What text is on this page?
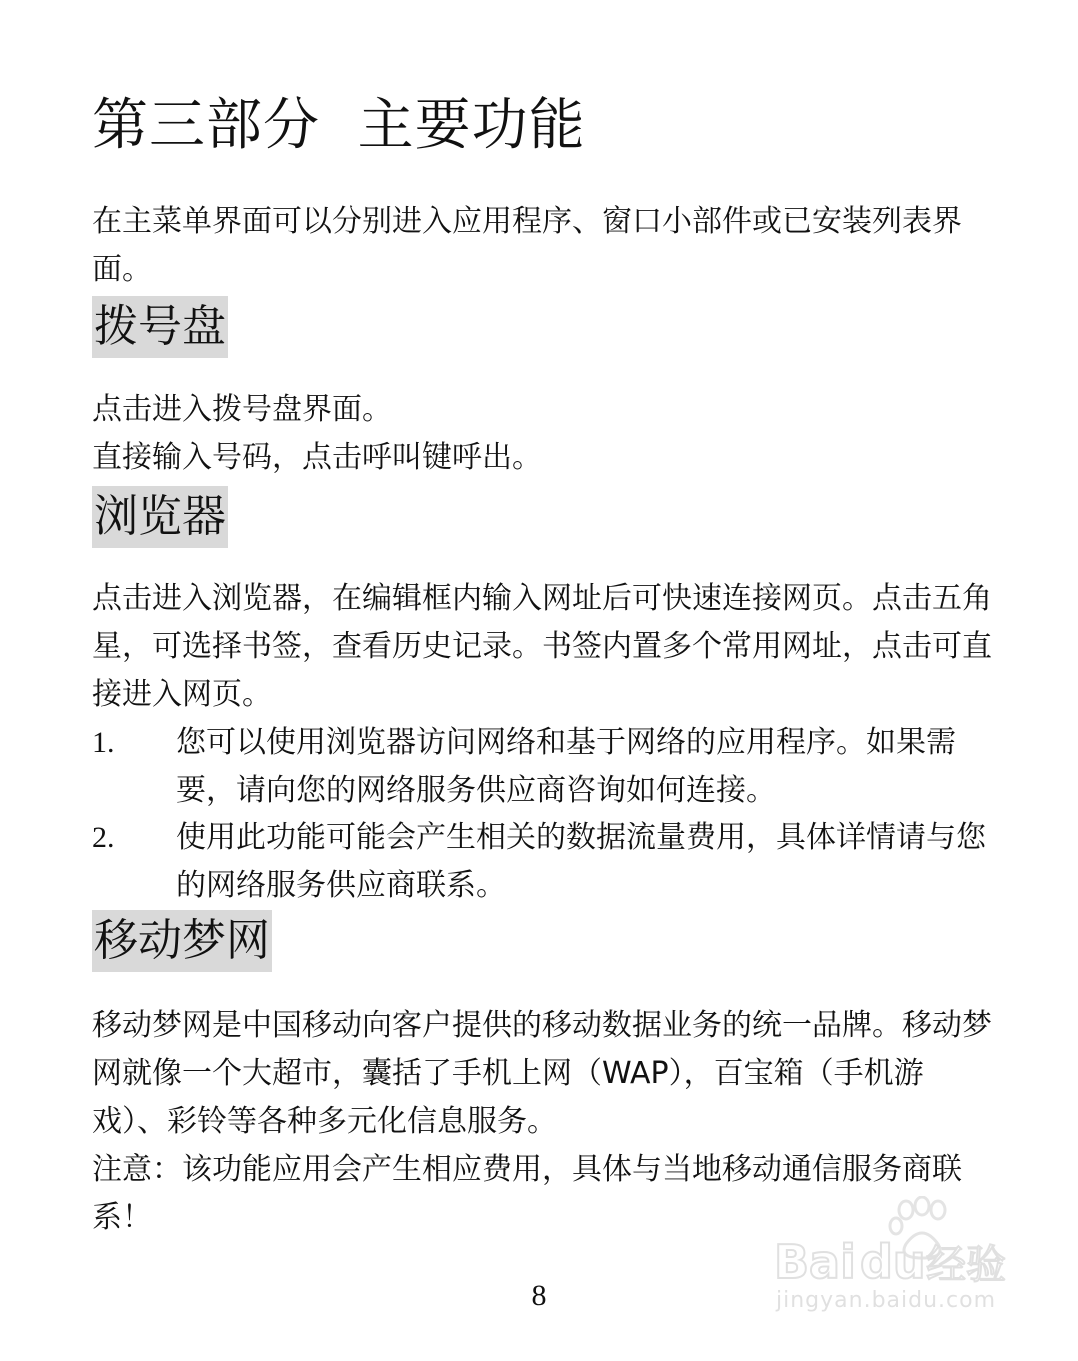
第三部分  主要功能

在主菜单界面可以分别进入应用程序、窗口小部件或已安装列表界面。

拨号盘

点击进入拨号盘界面。

直接输入号码，点击呼叫键呼出。

浏览器

点击进入浏览器，在编辑框内输入网址后可快速连接网页。点击五角星，可选择书签，查看历史记录。书签内置多个常用网址，点击可直接进入网页。

1. 您可以使用浏览器访问网络和基于网络的应用程序。如果需要，请向您的网络服务供应商咨询如何连接。
2. 使用此功能可能会产生相关的数据流量费用，具体详情请与您的网络服务供应商联系。
移动梦网

移动梦网是中国移动向客户提供的移动数据业务的统一品牌。移动梦网就像一个大超市，囊括了手机上网（WAP），百宝箱（手机游戏）、彩铃等各种多元化信息服务。

注意：该功能应用会产生相应费用，具体与当地移动通信服务商联系！

8
Bai du 经验
jingyan.baidu.com
